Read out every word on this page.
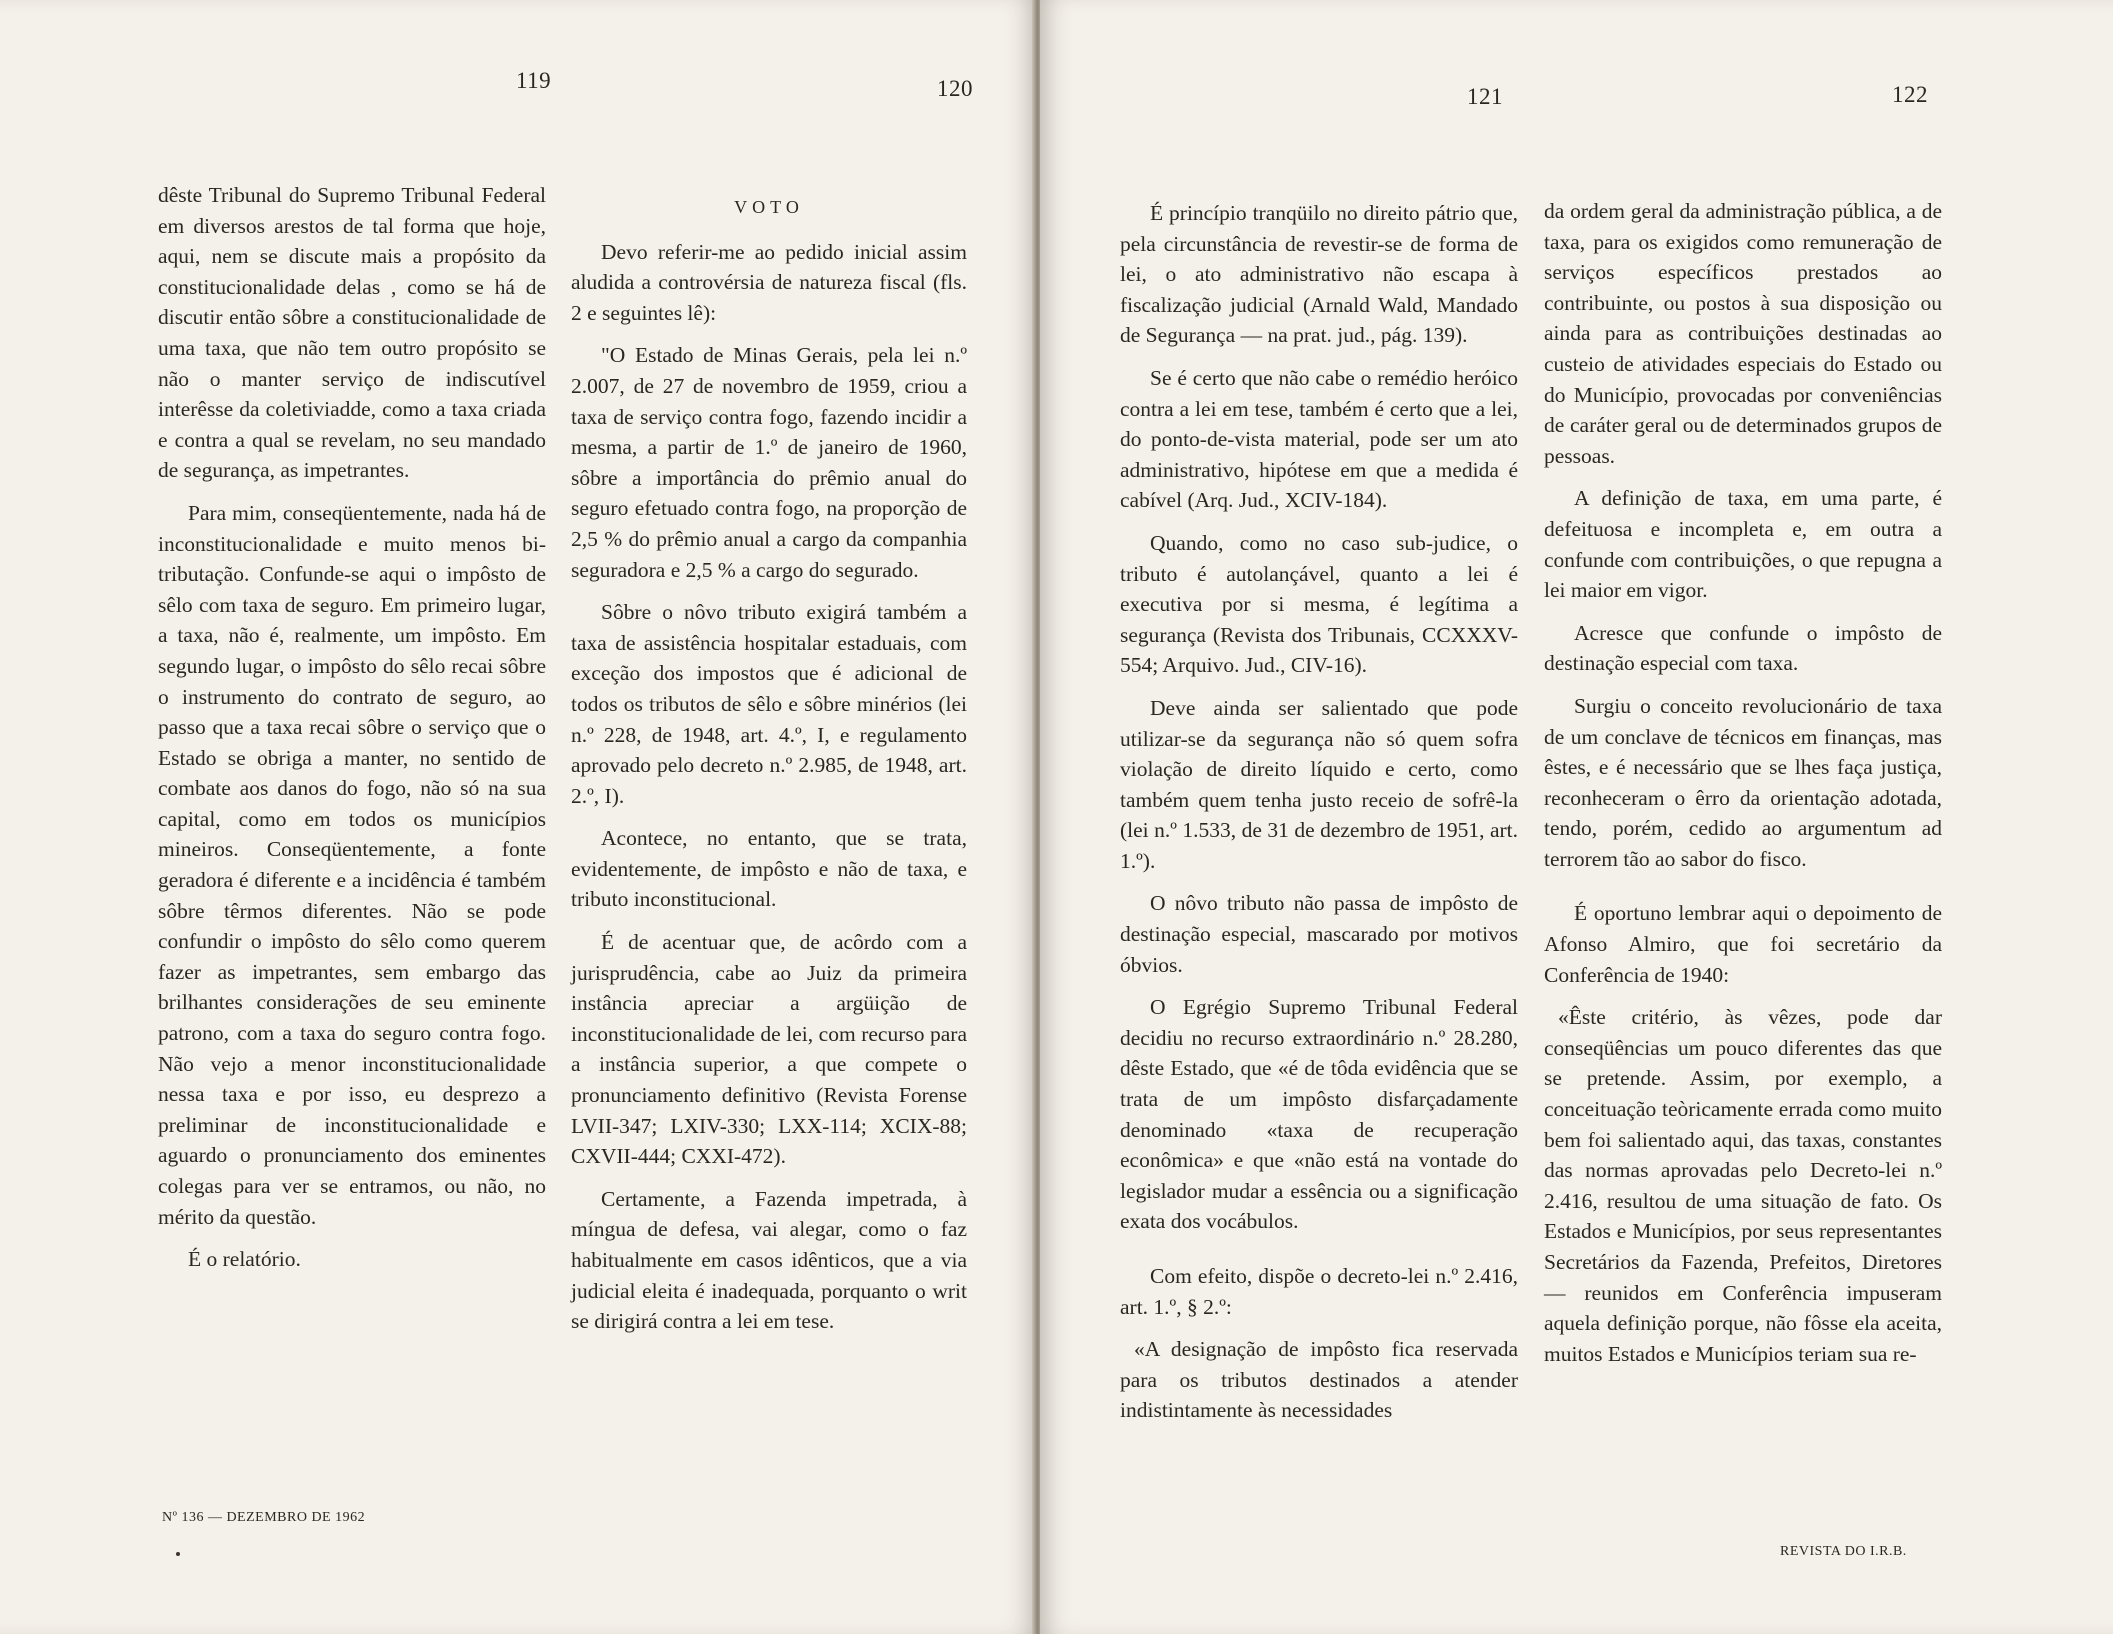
119	120

dêste Tribunal do Supremo Tribunal Federal em diversos arestos de tal forma que hoje, aqui, nem se discute mais a propósito da constitucionalidade delas , como se há de discutir então sôbre a constitucionalidade de uma taxa, que não tem outro propósito se não o manter serviço de indiscutível interêsse da coletiviadde, como a taxa criada e contra a qual se revelam, no seu mandado de segurança, as impetrantes.

Para mim, conseqüentemente, nada há de inconstitucionalidade e muito menos bi-tributação. Confunde-se aqui o impôsto de sêlo com taxa de seguro. Em primeiro lugar, a taxa, não é, realmente, um impôsto. Em segundo lugar, o impôsto do sêlo recai sôbre o instrumento do contrato de seguro, ao passo que a taxa recai sôbre o serviço que o Estado se obriga a manter, no sentido de combate aos danos do fogo, não só na sua capital, como em todos os municípios mineiros. Conseqüentemente, a fonte geradora é diferente e a incidência é também sôbre têrmos diferentes. Não se pode confundir o impôsto do sêlo como querem fazer as impetrantes, sem embargo das brilhantes considerações de seu eminente patrono, com a taxa do seguro contra fogo. Não vejo a menor inconstitucionalidade nessa taxa e por isso, eu desprezo a preliminar de inconstitucionalidade e aguardo o pronunciamento dos eminentes colegas para ver se entramos, ou não, no mérito da questão.

É o relatório.

VOTO

Devo referir-me ao pedido inicial assim aludida a controvérsia de natureza fiscal (fls. 2 e seguintes lê):

"O Estado de Minas Gerais, pela lei n.º 2.007, de 27 de novembro de 1959, criou a taxa de serviço contra fogo, fazendo incidir a mesma, a partir de 1.º de janeiro de 1960, sôbre a importância do prêmio anual do seguro efetuado contra fogo, na proporção de 2,5 % do prêmio anual a cargo da companhia seguradora e 2,5 % a cargo do segurado.

Sôbre o nôvo tributo exigirá também a taxa de assistência hospitalar estaduais, com exceção dos impostos que é adicional de todos os tributos de sêlo e sôbre minérios (lei n.º 228, de 1948, art. 4.º, I, e regulamento aprovado pelo decreto n.º 2.985, de 1948, art. 2.º, I).

Acontece, no entanto, que se trata, evidentemente, de impôsto e não de taxa, e tributo inconstitucional.

É de acentuar que, de acôrdo com a jurisprudência, cabe ao Juiz da primeira instância apreciar a argüição de inconstitucionalidade de lei, com recurso para a instância superior, a que compete o pronunciamento definitivo (Revista Forense LVII-347; LXIV-330; LXX-114; XCIX-88; CXVII-444; CXXI-472).

Certamente, a Fazenda impetrada, à míngua de defesa, vai alegar, como o faz habitualmente em casos idênticos, que a via judicial eleita é inadequada, porquanto o writ se dirigirá contra a lei em tese.

Nº 136 — DEZEMBRO DE 1962
121	122

É princípio tranqüilo no direito pátrio que, pela circunstância de revestir-se de forma de lei, o ato administrativo não escapa à fiscalização judicial (Arnald Wald, Mandado de Segurança — na prat. jud., pág. 139).

Se é certo que não cabe o remédio heróico contra a lei em tese, também é certo que a lei, do ponto-de-vista material, pode ser um ato administrativo, hipótese em que a medida é cabível (Arq. Jud., XCIV-184).

Quando, como no caso sub-judice, o tributo é autolançável, quanto a lei é executiva por si mesma, é legítima a segurança (Revista dos Tribunais, CCXXXV-554; Arquivo. Jud., CIV-16).

Deve ainda ser salientado que pode utilizar-se da segurança não só quem sofra violação de direito líquido e certo, como também quem tenha justo receio de sofrê-la (lei n.º 1.533, de 31 de dezembro de 1951, art. 1.º).

O nôvo tributo não passa de impôsto de destinação especial, mascarado por motivos óbvios.

O Egrégio Supremo Tribunal Federal decidiu no recurso extraordinário n.º 28.280, dêste Estado, que «é de tôda evidência que se trata de um impôsto disfarçadamente denominado «taxa de recuperação econômica» e que «não está na vontade do legislador mudar a essência ou a significação exata dos vocábulos.

Com efeito, dispõe o decreto-lei n.º 2.416, art. 1.º, § 2.º:

«A designação de impôsto fica reservada para os tributos destinados a atender indistintamente às necessidades

da ordem geral da administração pública, a de taxa, para os exigidos como remuneração de serviços específicos prestados ao contribuinte, ou postos à sua disposição ou ainda para as contribuições destinadas ao custeio de atividades especiais do Estado ou do Município, provocadas por conveniências de caráter geral ou de determinados grupos de pessoas.

A definição de taxa, em uma parte, é defeituosa e incompleta e, em outra a confunde com contribuições, o que repugna a lei maior em vigor.

Acresce que confunde o impôsto de destinação especial com taxa.

Surgiu o conceito revolucionário de taxa de um conclave de técnicos em finanças, mas êstes, e é necessário que se lhes faça justiça, reconheceram o êrro da orientação adotada, tendo, porém, cedido ao argumentum ad terrorem tão ao sabor do fisco.

É oportuno lembrar aqui o depoimento de Afonso Almiro, que foi secretário da Conferência de 1940:

«Êste critério, às vêzes, pode dar conseqüências um pouco diferentes das que se pretende. Assim, por exemplo, a conceituação teòricamente errada como muito bem foi salientado aqui, das taxas, constantes das normas aprovadas pelo Decreto-lei n.º 2.416, resultou de uma situação de fato. Os Estados e Municípios, por seus representantes Secretários da Fazenda, Prefeitos, Diretores — reunidos em Conferência impuseram aquela definição porque, não fôsse ela aceita, muitos Estados e Municípios teriam sua re-

REVISTA DO I.R.B.
